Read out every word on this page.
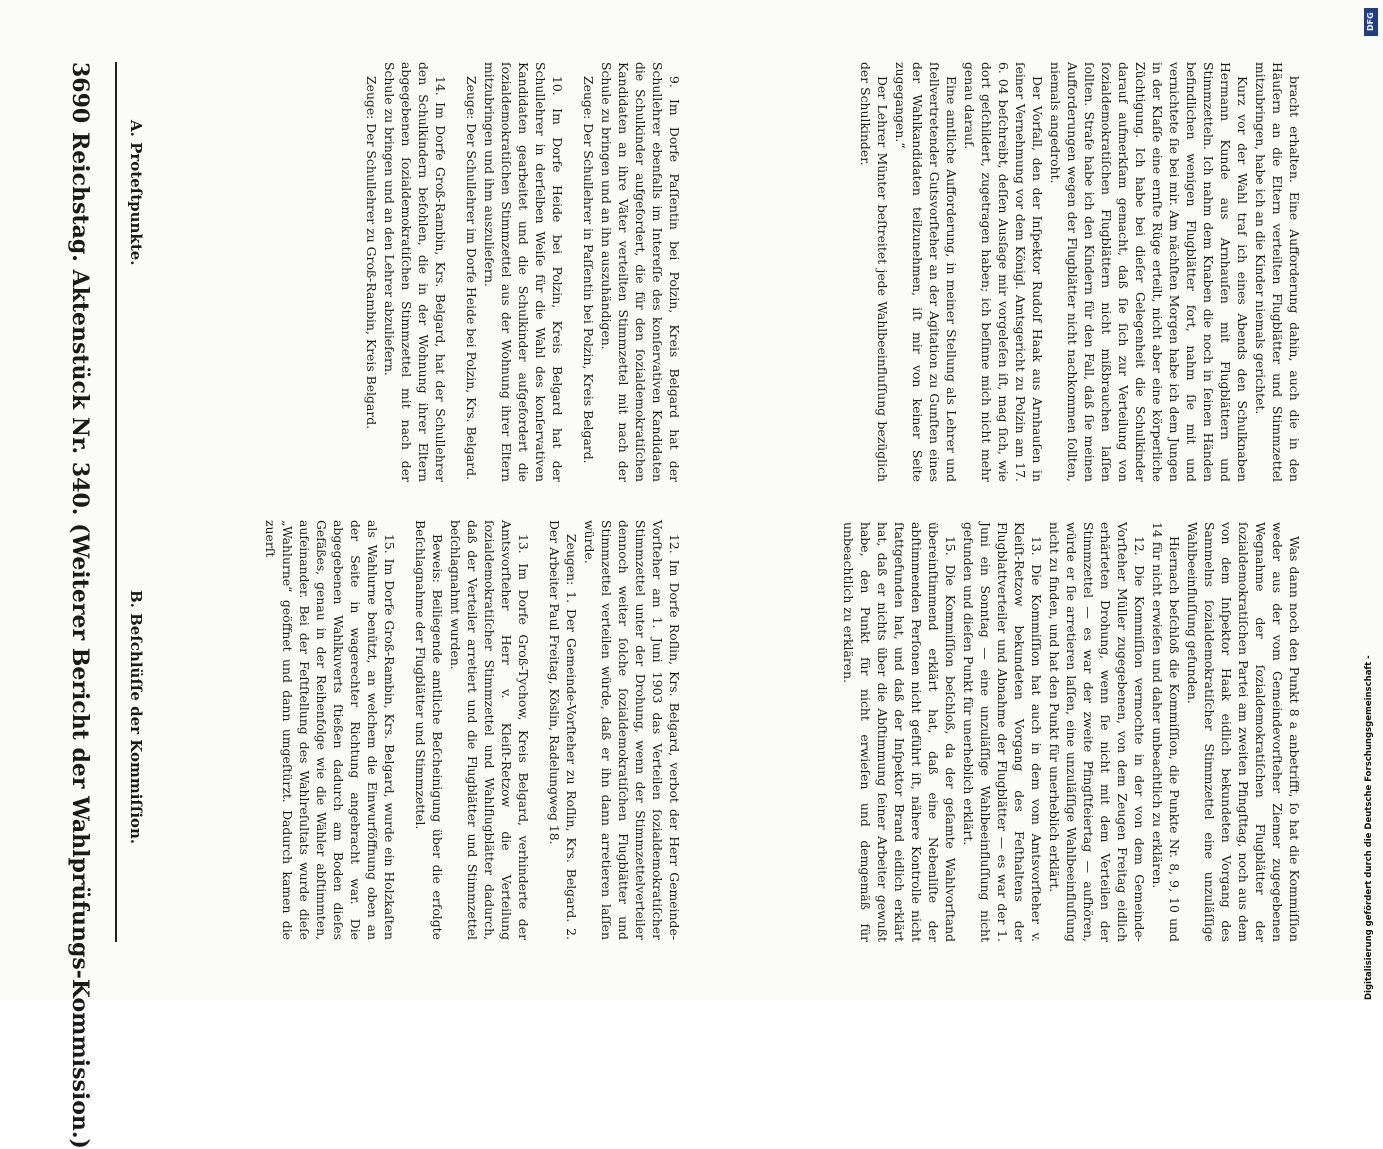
3690
Reichstag. Aktenstück Nr. 340. (Weiterer Bericht der Wahlprüfungs-Kommission.) A. Proteſtpunkte.
B. Beſchlüſſe der Kommiſſion.

9. Im Dorfe Paſſentin bei Polzin, Kreis Belgard hat der Schullehrer ebenfalls im Intereſſe des konſervativen Kandidaten die Schulkinder aufgefordert, die für den ſozialdemokratiſchen Kandidaten an ihre Väter verteilten Stimmzettel mit nach der Schule zu bringen und an ihn auszuhändigen.

Zeuge: Der Schullehrer in Paſſentin bei Polzin, Kreis Belgard.

10. Im Dorfe Heide bei Polzin, Kreis Belgard hat der Schullehrer in derſelben Weiſe für die Wahl des konſervativen Kandidaten gearbeitet und die Schulkinder aufgefordert die ſozialdemokratiſchen Stimmzettel aus der Wohnung ihrer Eltern mitzubringen und ihm auszuliefern.

Zeuge: Der Schullehrer im Dorfe Heide bei Polzin, Krs. Belgard.

14. Im Dorfe Groß-Rambin, Krs. Belgard, hat der Schullehrer den Schulkindern befohlen, die in der Wohnung ihrer Eltern abgegebenen ſozialdemokratiſchen Stimmzettel mit nach der Schule zu bringen und an den Lehrer abzuliefern.

Zeuge: Der Schullehrer zu Groß-Rambin, Kreis Belgard.

12. Im Dorfe Roſlin, Krs. Belgard, verbot der Herr Gemeinde-Vorſteher am 1. Juni 1903 das Verteilen ſozialdemokratiſcher Stimmzettel unter der Drohung, wenn der Stimmzettelverteiler dennoch weiter ſolche ſozialdemokratiſchen Flugblätter und Stimmzettel verteilen würde, daß er ihn dann arretieren laſſen würde.

Zeugen: 1. Der Gemeinde-Vorſteher zu Roſlin, Krs. Belgard. 2. Der Arbeiter Paul Freitag, Köslin, Radelungweg 18.

13. Im Dorfe Groß-Tychow, Kreis Belgard, verhinderte der Amtsvorſteher Herr v. Kleiſt-Retzow die Verteilung ſozialdemokratiſcher Stimmzettel und Wahlflugblätter dadurch, daß der Verteiler arretiert und die Flugblätter und Stimmzettel beſchlagnahmt wurden.

Beweis: Beiliegende amtliche Beſcheinigung über die erfolgte Beſchlagnahme der Flugblätter und Stimmzettel.

15. Im Dorfe Groß-Rambin, Krs. Belgard, wurde ein Holzkaſten als Wahlurne benützt, an welchem die Einwurföffnung oben an der Seite in wagerechter Richtung angebracht war. Die abgegebenen Wahlkuverts ſtießen dadurch am Boden dieſes Gefäßes, genau in der Reihenfolge wie die Wähler abſtimmten, aufeinander. Bei der Feſtſtellung des Wahlreſultats wurde dieſe „Wahlurne“ geöffnet und dann umgeſtürzt. Dadurch kamen die zuerſt

bracht erhalten. Eine Aufforderung dahin, auch die in den Häuſern an die Eltern verteilten Flugblätter und Stimmzettel mitzubringen, habe ich an die Kinder niemals gerichtet.

Kurz vor der Wahl traf ich eines Abends den Schulknaben Hermann Kunde aus Arnhauſen mit Flugblättern und Stimmzetteln. Ich nahm dem Knaben die noch in ſeinen Händen befindlichen wenigen Flugblätter fort, nahm ſie mit und vernichtete ſie bei mir. Am nächſten Morgen habe ich dem Jungen in der Klaſſe eine ernſte Rüge erteilt, nicht aber eine körperliche Züchtigung. Ich habe bei dieſer Gelegenheit die Schulkinder darauf aufmerkſam gemacht, daß ſie ſich zur Verteilung von ſozialdemokratiſchen Flugblättern nicht mißbrauchen laſſen ſollten. Strafe habe ich den Kindern für den Fall, daß ſie meinen Aufforderungen wegen der Flugblätter nicht nachkommen ſollten, niemals angedroht.

Der Vorfall, den der Inſpektor Rudolf Haak aus Arnhauſen in ſeiner Vernehmung vor dem Königl. Amtsgericht zu Polzin am 17. 6. 04 beſchreibt, deſſen Ausſage mir vorgeleſen iſt, mag ſich, wie dort geſchildert, zugetragen haben; ich beſinne mich nicht mehr genau darauf.

Eine amtliche Aufforderung, in meiner Stellung als Lehrer und ſtellvertretender Gutsvorſteher an der Agitation zu Gunſten eines der Wahlkandidaten teilzunehmen, iſt mir von keiner Seite zugegangen.“

Der Lehrer Münter beſtreitet jede Wahlbeeinfluſſung bezüglich der Schulkinder.

Was dann noch den Punkt 8 a anbetrifft, ſo hat die Kommiſſion weder aus der vom Gemeindevorſteher Ziemer zugegebenen Wegnahme der ſozialdemokratiſchen Flugblätter der ſozialdemokratiſchen Partei am zweiten Pfingſttag, noch aus dem von dem Inſpektor Haak eidlich bekundeten Vorgang des Sammelns ſozialdemokratiſcher Stimmzettel eine unzuläſſige Wahlbeeinfluſſung gefunden.

Hiernach beſchloß die Kommiſſion, die Punkte Nr. 8, 9, 10 und 14 für nicht erwieſen und daher unbeachtlich zu erklären.

12. Die Kommiſſion vermochte in der von dem Gemeinde-Vorſteher Müller zugegebenen, von dem Zeugen Freitag eidlich erhärteten Drohung, wenn ſie nicht mit dem Verteilen der Stimmzettel — es war der zweite Pfingſtfeiertag — aufhören, würde er ſie arretieren laſſen, eine unzuläſſige Wahlbeeinfluſſung nicht zu finden, und hat den Punkt für unerheblich erklärt.

13. Die Kommiſſion hat auch in dem vom Amtsvorſteher v. Kleiſt-Retzow bekundeten Vorgang des Feſthaltens der Flugblattverteiler und Abnahme der Flugblätter — es war der 1. Juni ein Sonntag — eine unzuläſſige Wahlbeeinfluſſung nicht gefunden und dieſen Punkt für unerheblich erklärt.

15. Die Kommiſſion beſchloß, da der geſamte Wahlvorſtand übereinſtimmend erklärt hat, daß eine Nebenliſte der abſtimmenden Perſonen nicht geführt iſt, nähere Kontrolle nicht ſtattgefunden hat, und daß der Inſpektor Brand eidlich erklärt hat, daß er nichts über die Abſtimmung ſeiner Arbeiter gewußt habe, den Punkt für nicht erwieſen und demgemäß für unbeachtlich zu erklären.

DFG
Digitalisierung gefördert durch die Deutsche Forschungsgemeinschaft -
